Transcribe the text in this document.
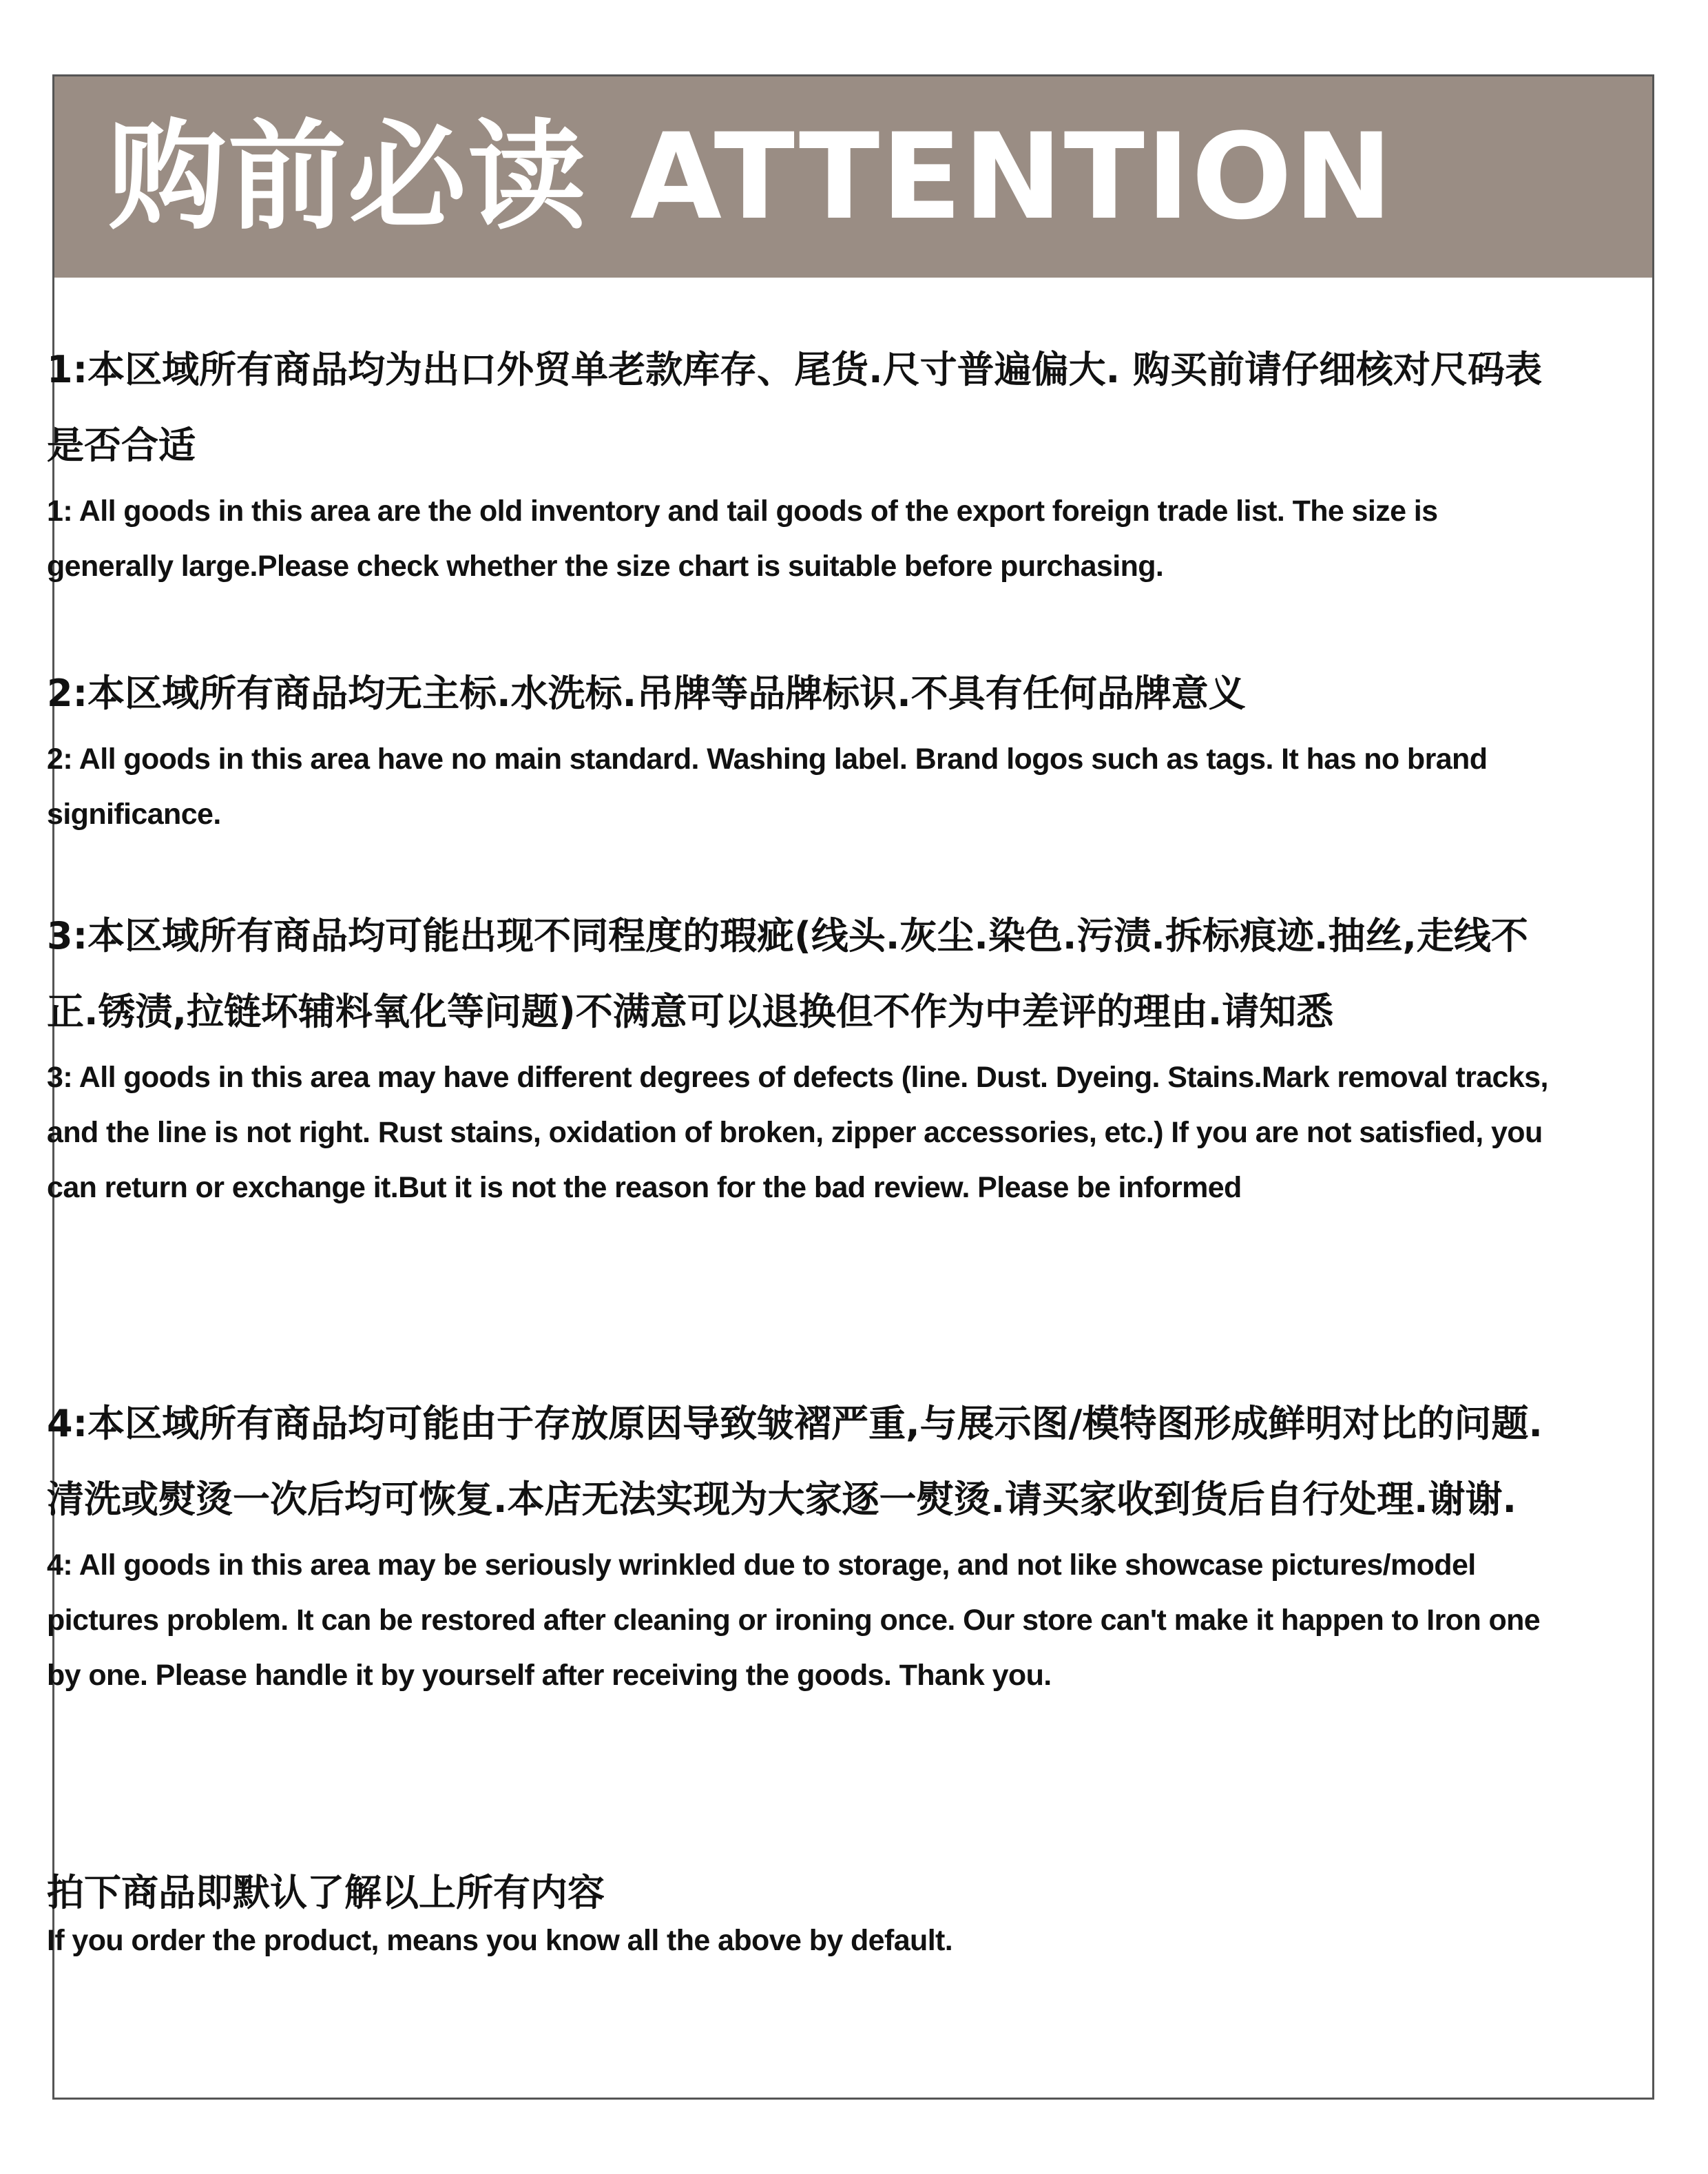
购前必读 ATTENTION

1:本区域所有商品均为出口外贸单老款库存、尾货.尺寸普遍偏大. 购买前请仔细核对尺码表是否合适

1: All goods in this area are the old inventory and tail goods of the export foreign trade list. The size is generally large.Please check whether the size chart is suitable before purchasing.

2:本区域所有商品均无主标.水洗标.吊牌等品牌标识.不具有任何品牌意义

2: All goods in this area have no main standard. Washing label. Brand logos such as tags. It has no brand significance.

3:本区域所有商品均可能出现不同程度的瑕疵(线头.灰尘.染色.污渍.拆标痕迹.抽丝,走线不正.锈渍,拉链坏辅料氧化等问题)不满意可以退换但不作为中差评的理由.请知悉

3: All goods in this area may have different degrees of defects (line. Dust. Dyeing. Stains.Mark removal tracks, and the line is not right. Rust stains, oxidation of broken, zipper accessories, etc.) If you are not satisfied, you can return or exchange it.But it is not the reason for the bad review. Please be informed

4:本区域所有商品均可能由于存放原因导致皱褶严重,与展示图/模特图形成鲜明对比的问题.清洗或熨烫一次后均可恢复.本店无法实现为大家逐一熨烫.请买家收到货后自行处理.谢谢.

4: All goods in this area may be seriously wrinkled due to storage, and not like showcase pictures/model pictures problem. It can be restored after cleaning or ironing once. Our store can't make it happen to Iron one by one. Please handle it by yourself after receiving the goods. Thank you.

拍下商品即默认了解以上所有内容

If you order the product, means you know all the above by default.
